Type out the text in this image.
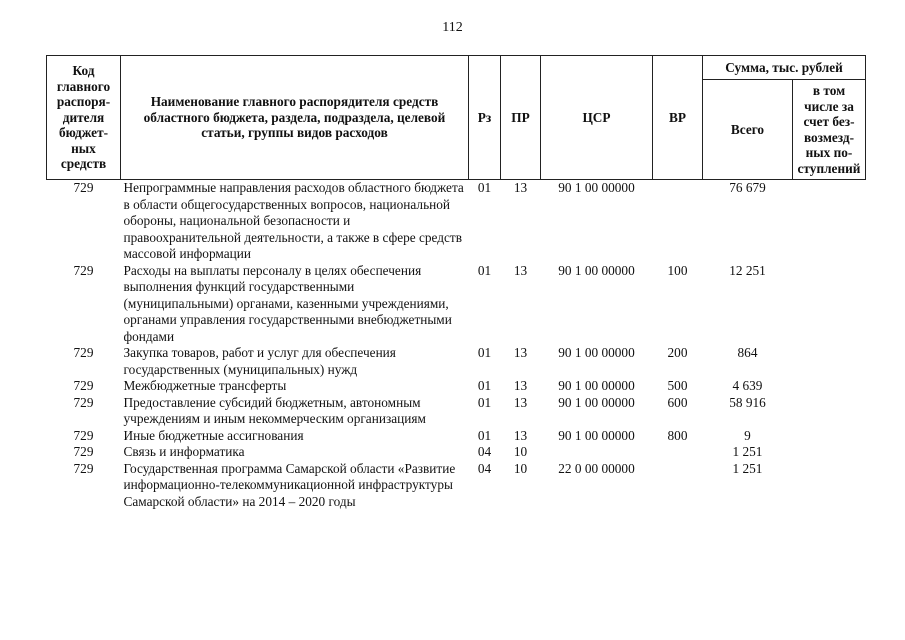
112
Код главного распоря-дителя бюджет-ных средств	Наименование главного распорядителя средств областного бюджета, раздела, подраздела, целевой статьи, группы видов расходов	Рз	ПР	ЦСР	ВР	Сумма, тыс. рублей	
						Всего	в том числе за счет без-возмезд-ных по-ступлений
729	Непрограммные направления расходов областного бюджета в области общегосударственных вопросов, национальной обороны, национальной безопасности и правоохранительной деятельности, а также в сфере средств массовой информации	01	13	90 1 00 00000		76 679	
729	Расходы на выплаты персоналу в целях обеспечения выполнения функций государственными (муниципальными) органами, казенными учреждениями, органами управления государственными внебюджетными фондами	01	13	90 1 00 00000	100	12 251	
729	Закупка товаров, работ и услуг для обеспечения государственных (муниципальных) нужд	01	13	90 1 00 00000	200	864	
729	Межбюджетные трансферты	01	13	90 1 00 00000	500	4 639	
729	Предоставление субсидий бюджетным, автономным учреждениям и иным некоммерческим организациям	01	13	90 1 00 00000	600	58 916	
729	Иные бюджетные ассигнования	01	13	90 1 00 00000	800	9	
729	Связь и информатика	04	10			1 251	
729	Государственная программа Самарской области «Развитие информационно-телекоммуникационной инфраструктуры Самарской области» на 2014 – 2020 годы	04	10	22 0 00 00000		1 251	
